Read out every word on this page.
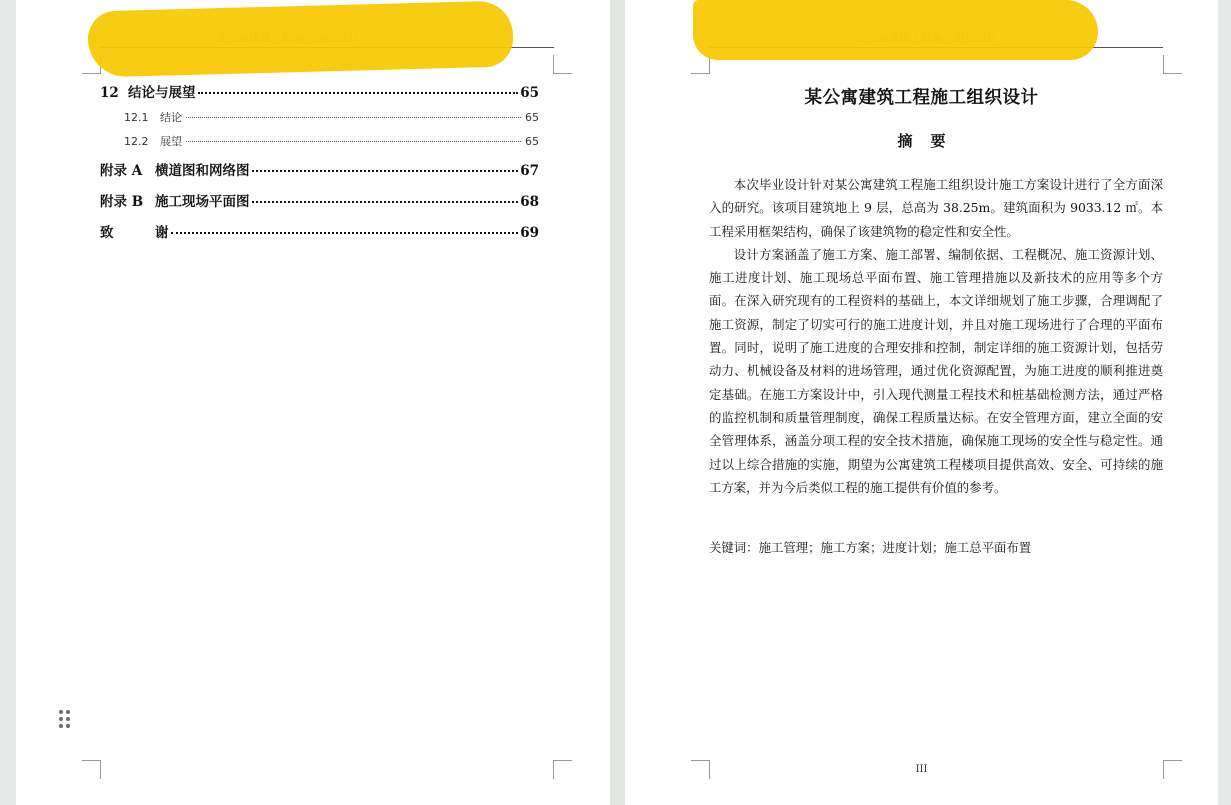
12 结论与展望	65
12.1	结论	65
12.2	展望	65
附录 A 横道图和网络图	67
附录 B 施工现场平面图	68
致	谢	69
某公寓建筑工程施工组织设计
摘要

本次毕业设计针对某公寓建筑工程施工组织设计施工方案设计进行了全方面深入的研究。该项目建筑地上 9 层，总高为 38.25m。建筑面积为 9033.12 ㎡。本工程采用框架结构，确保了该建筑物的稳定性和安全性。

设计方案涵盖了施工方案、施工部署、编制依据、工程概况、施工资源计划、施工进度计划、施工现场总平面布置、施工管理措施以及新技术的应用等多个方面。在深入研究现有的工程资料的基础上，本文详细规划了施工步骤，合理调配了施工资源，制定了切实可行的施工进度计划，并且对施工现场进行了合理的平面布置。同时，说明了施工进度的合理安排和控制，制定详细的施工资源计划，包括劳动力、机械设备及材料的进场管理，通过优化资源配置，为施工进度的顺利推进奠定基础。在施工方案设计中，引入现代测量工程技术和桩基础检测方法，通过严格的监控机制和质量管理制度，确保工程质量达标。在安全管理方面，建立全面的安全管理体系，涵盖分项工程的安全技术措施，确保施工现场的安全性与稳定性。通过以上综合措施的实施，期望为公寓建筑工程楼项目提供高效、安全、可持续的施工方案，并为今后类似工程的施工提供有价值的参考。

关键词：施工管理；施工方案；进度计划；施工总平面布置
III
